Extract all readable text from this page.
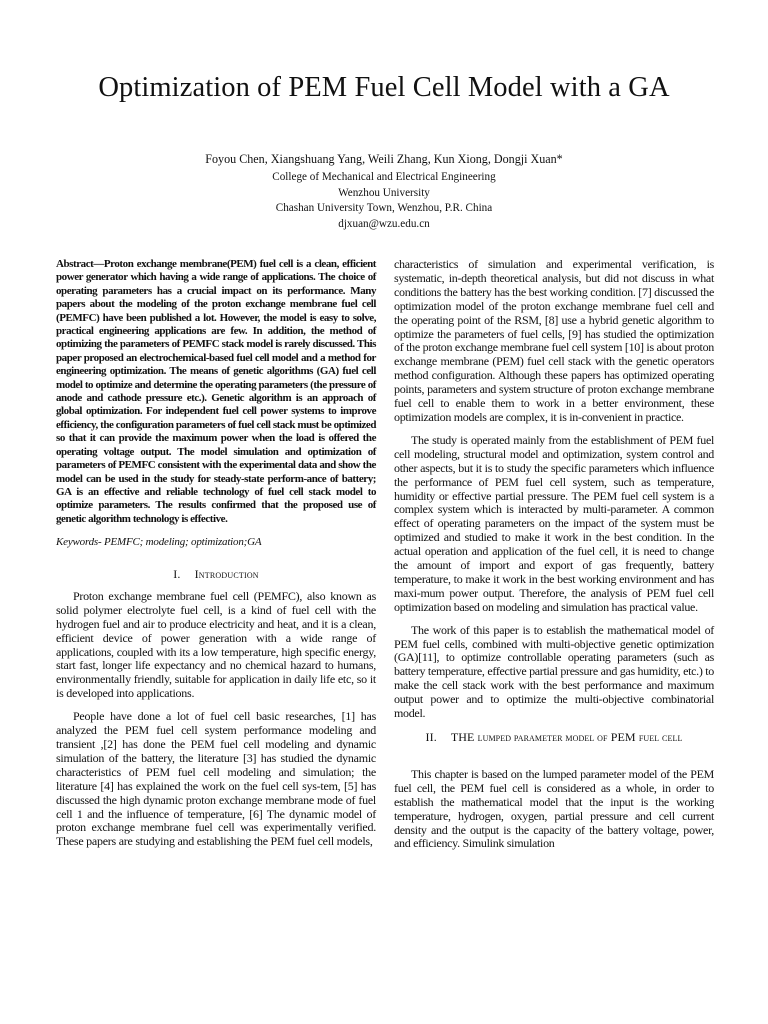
Optimization of PEM Fuel Cell Model with a GA

Foyou Chen, Xiangshuang Yang, Weili Zhang, Kun Xiong, Dongji Xuan*

College of Mechanical and Electrical Engineering

Wenzhou University

Chashan University Town, Wenzhou, P.R. China

djxuan@wzu.edu.cn

Abstract—Proton exchange membrane(PEM) fuel cell is a clean, efficient power generator which having a wide range of applications. The choice of operating parameters has a crucial impact on its performance. Many papers about the modeling of the proton exchange membrane fuel cell (PEMFC) have been published a lot. However, the model is easy to solve, practical engineering applications are few. In addition, the method of optimizing the parameters of PEMFC stack model is rarely discussed. This paper proposed an electrochemical-based fuel cell model and a method for engineering optimization. The means of genetic algorithms (GA) fuel cell model to optimize and determine the operating parameters (the pressure of anode and cathode pressure etc.). Genetic algorithm is an approach of global optimization. For independent fuel cell power systems to improve efficiency, the configuration parameters of fuel cell stack must be optimized so that it can provide the maximum power when the load is offered the operating voltage output. The model simulation and optimization of parameters of PEMFC consistent with the experimental data and show the model can be used in the study for steady-state perform-ance of battery; GA is an effective and reliable technology of fuel cell stack model to optimize parameters. The results confirmed that the proposed use of genetic algorithm technology is effective.

Keywords- PEMFC; modeling; optimization;GA

I. Introduction

Proton exchange membrane fuel cell (PEMFC), also known as solid polymer electrolyte fuel cell, is a kind of fuel cell with the hydrogen fuel and air to produce electricity and heat, and it is a clean, efficient device of power generation with a wide range of applications, coupled with its a low temperature, high specific energy, start fast, longer life expectancy and no chemical hazard to humans, environmentally friendly, suitable for application in daily life etc, so it is developed into applications.

People have done a lot of fuel cell basic researches, [1] has analyzed the PEM fuel cell system performance modeling and transient ,[2] has done the PEM fuel cell modeling and dynamic simulation of the battery, the literature [3] has studied the dynamic characteristics of PEM fuel cell modeling and simulation; the literature [4] has explained the work on the fuel cell sys-tem, [5] has discussed the high dynamic proton exchange membrane mode of fuel cell 1 and the influence of temperature, [6] The dynamic model of proton exchange membrane fuel cell was experimentally verified. These papers are studying and establishing the PEM fuel cell models,

characteristics of simulation and experimental verification, is systematic, in-depth theoretical analysis, but did not discuss in what conditions the battery has the best working condition. [7] discussed the optimization model of the proton exchange membrane fuel cell and the operating point of the RSM, [8] use a hybrid genetic algorithm to optimize the parameters of fuel cells, [9] has studied the optimization of the proton exchange membrane fuel cell system [10] is about proton exchange membrane (PEM) fuel cell stack with the genetic operators method configuration. Although these papers has optimized operating points, parameters and system structure of proton exchange membrane fuel cell to enable them to work in a better environment, these optimization models are complex, it is in-convenient in practice.

The study is operated mainly from the establishment of PEM fuel cell modeling, structural model and optimization, system control and other aspects, but it is to study the specific parameters which influence the performance of PEM fuel cell system, such as temperature, humidity or effective partial pressure. The PEM fuel cell system is a complex system which is interacted by multi-parameter. A common effect of operating parameters on the impact of the system must be optimized and studied to make it work in the best condition. In the actual operation and application of the fuel cell, it is need to change the amount of import and export of gas frequently, battery temperature, to make it work in the best working environment and has maxi-mum power output. Therefore, the analysis of PEM fuel cell optimization based on modeling and simulation has practical value.

The work of this paper is to establish the mathematical model of PEM fuel cells, combined with multi-objective genetic optimization (GA)[11], to optimize controllable operating parameters (such as battery temperature, effective partial pressure and gas humidity, etc.) to make the cell stack work with the best performance and maximum output power and to optimize the multi-objective combinatorial model.

II. THE lumped parameter model of PEM fuel cell

This chapter is based on the lumped parameter model of the PEM fuel cell, the PEM fuel cell is considered as a whole, in order to establish the mathematical model that the input is the working temperature, hydrogen, oxygen, partial pressure and cell current density and the output is the capacity of the battery voltage, power, and efficiency. Simulink simulation
